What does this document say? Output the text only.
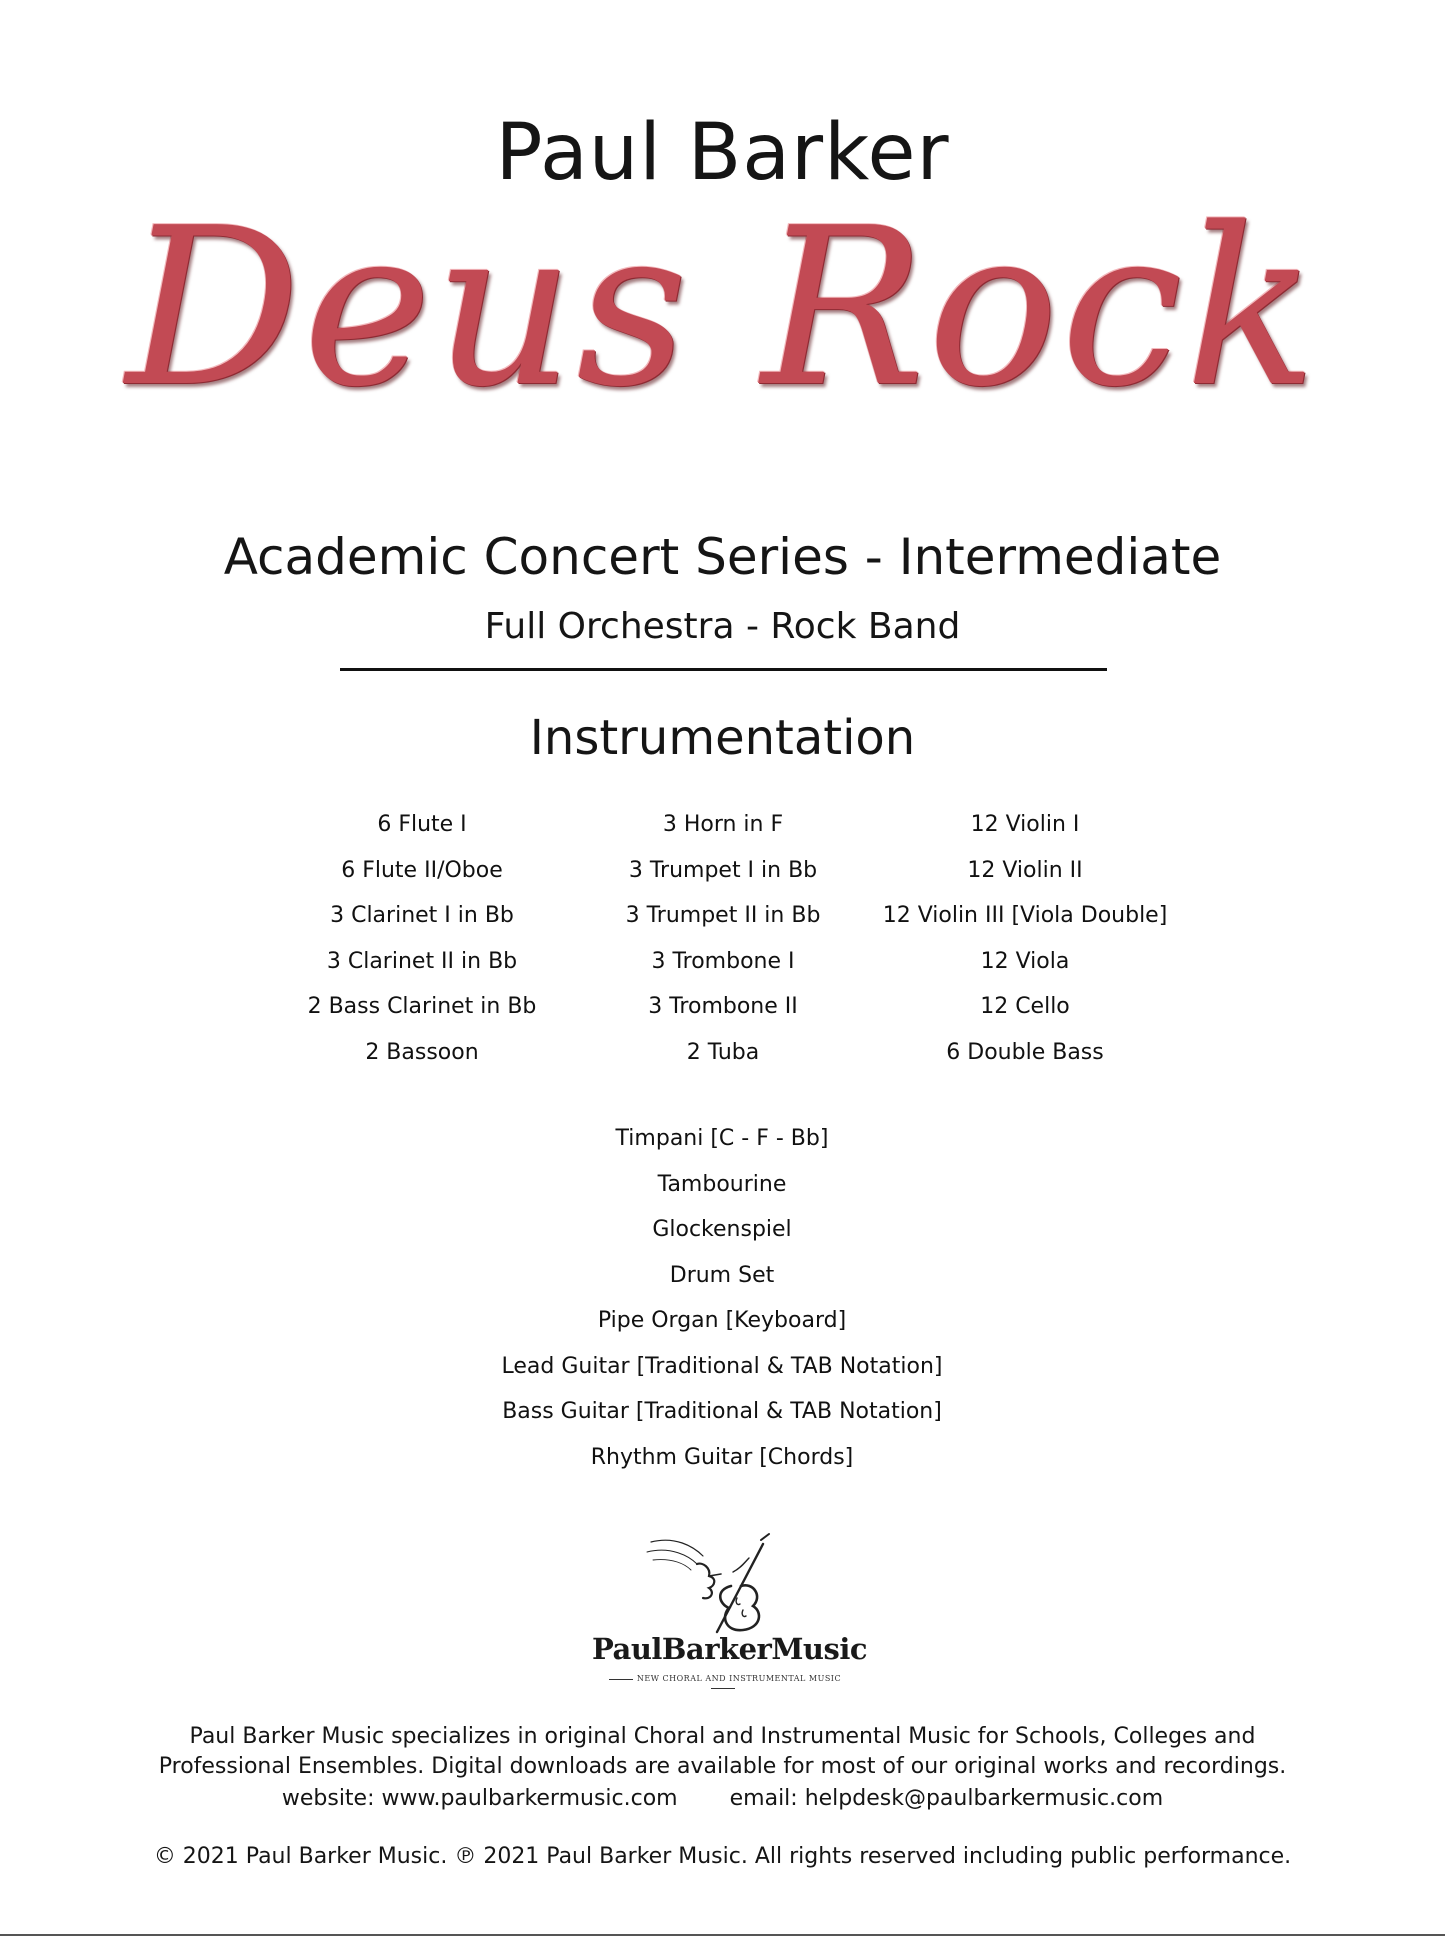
Paul Barker
Deus Rock
Academic Concert Series - Intermediate
Full Orchestra - Rock Band
Instrumentation
6 Flute I
6 Flute II/Oboe
3 Clarinet I in Bb
3 Clarinet II in Bb
2 Bass Clarinet in Bb
2 Bassoon
3 Horn in F
3 Trumpet I in Bb
3 Trumpet II in Bb
3 Trombone I
3 Trombone II
2 Tuba
12 Violin I
12 Violin II
12 Violin III [Viola Double]
12 Viola
12 Cello
6 Double Bass
Timpani [C - F - Bb]
Tambourine
Glockenspiel
Drum Set
Pipe Organ [Keyboard]
Lead Guitar [Traditional & TAB Notation]
Bass Guitar [Traditional & TAB Notation]
Rhythm Guitar [Chords]
PaulBarkerMusic
NEW CHORAL AND INSTRUMENTAL MUSIC
Paul Barker Music specializes in original Choral and Instrumental Music for Schools, Colleges and
Professional Ensembles. Digital downloads are available for most of our original works and recordings.
website: www.paulbarkermusic.com email: helpdesk@paulbarkermusic.com
© 2021 Paul Barker Music. ℗ 2021 Paul Barker Music. All rights reserved including public performance.
